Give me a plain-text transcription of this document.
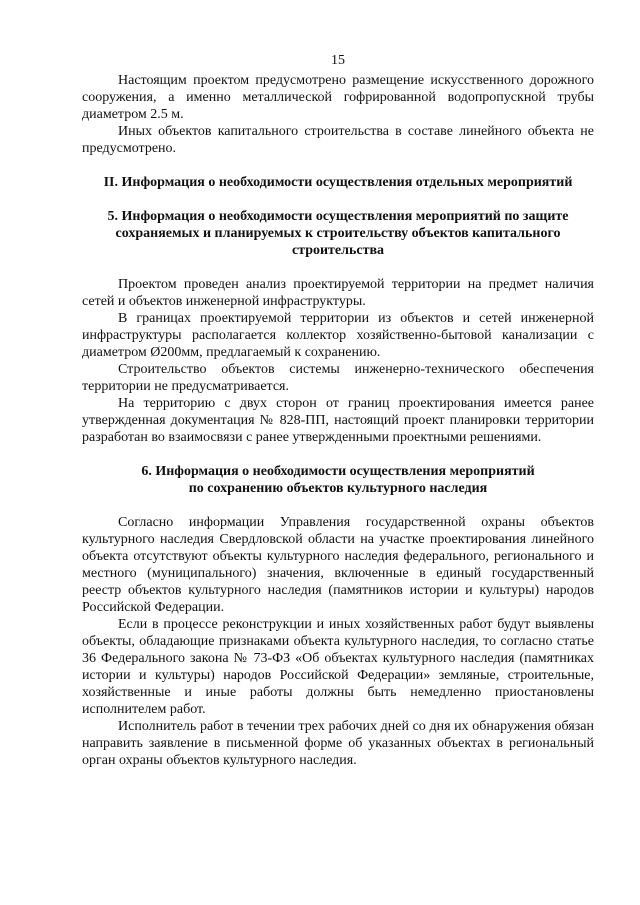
15

Настоящим проектом предусмотрено размещение искусственного дорожного сооружения, а именно металлической гофрированной водопропускной трубы диаметром 2.5 м.

Иных объектов капитального строительства в составе линейного объекта не предусмотрено.

II. Информация о необходимости осуществления отдельных мероприятий
5. Информация о необходимости осуществления мероприятий по защите
сохраняемых и планируемых к строительству объектов капитального
строительства

Проектом проведен анализ проектируемой территории на предмет наличия сетей и объектов инженерной инфраструктуры.

В границах проектируемой территории из объектов и сетей инженерной инфраструктуры располагается коллектор хозяйственно-бытовой канализации с диаметром Ø200мм, предлагаемый к сохранению.

Строительство объектов системы инженерно-технического обеспечения территории не предусматривается.

На территорию с двух сторон от границ проектирования имеется ранее утвержденная документация № 828-ПП, настоящий проект планировки территории разработан во взаимосвязи с ранее утвержденными проектными решениями.

6. Информация о необходимости осуществления мероприятий
по сохранению объектов культурного наследия

Согласно информации Управления государственной охраны объектов культурного наследия Свердловской области на участке проектирования линейного объекта отсутствуют объекты культурного наследия федерального, регионального и местного (муниципального) значения, включенные в единый государственный реестр объектов культурного наследия (памятников истории и культуры) народов Российской Федерации.

Если в процессе реконструкции и иных хозяйственных работ будут выявлены объекты, обладающие признаками объекта культурного наследия, то согласно статье 36 Федерального закона № 73-ФЗ «Об объектах культурного наследия (памятниках истории и культуры) народов Российской Федерации» земляные, строительные, хозяйственные и иные работы должны быть немедленно приостановлены исполнителем работ.

Исполнитель работ в течении трех рабочих дней со дня их обнаружения обязан направить заявление в письменной форме об указанных объектах в региональный орган охраны объектов культурного наследия.
